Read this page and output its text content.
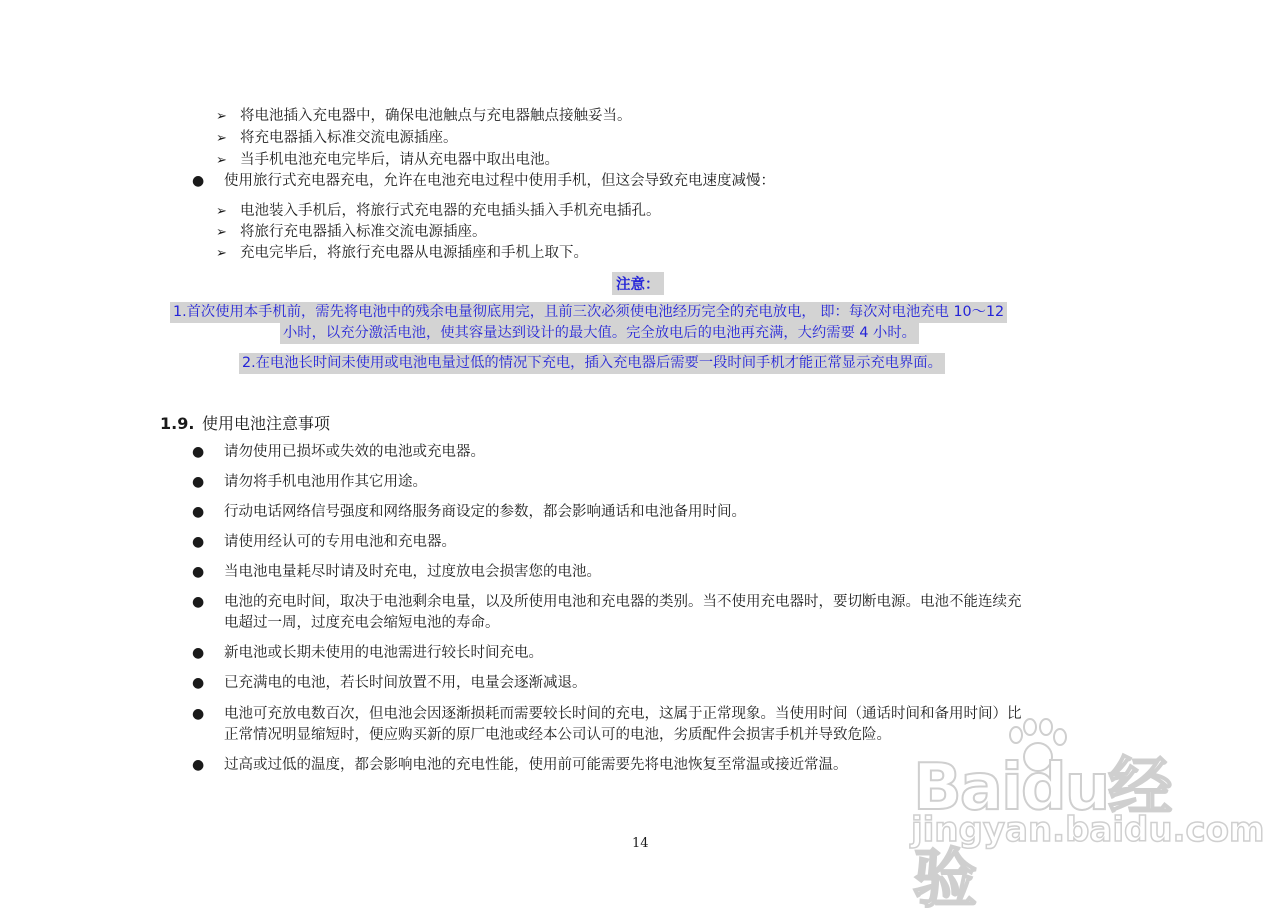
➢ 将电池插入充电器中，确保电池触点与充电器触点接触妥当。
➢ 将充电器插入标准交流电源插座。
➢ 当手机电池充电完毕后，请从充电器中取出电池。
● 使用旅行式充电器充电，允许在电池充电过程中使用手机，但这会导致充电速度减慢：
➢ 电池装入手机后，将旅行式充电器的充电插头插入手机充电插孔。
➢ 将旅行充电器插入标准交流电源插座。
➢ 充电完毕后，将旅行充电器从电源插座和手机上取下。
注意：
1.首次使用本手机前，需先将电池中的残余电量彻底用完，且前三次必须使电池经历完全的充电放电， 即：每次对电池充电 10～12
小时，以充分激活电池，使其容量达到设计的最大值。完全放电后的电池再充满，大约需要 4 小时。
2.在电池长时间未使用或电池电量过低的情况下充电，插入充电器后需要一段时间手机才能正常显示充电界面。
1.9. 使用电池注意事项
● 请勿使用已损坏或失效的电池或充电器。
● 请勿将手机电池用作其它用途。
● 行动电话网络信号强度和网络服务商设定的参数，都会影响通话和电池备用时间。
● 请使用经认可的专用电池和充电器。
● 当电池电量耗尽时请及时充电，过度放电会损害您的电池。
● 电池的充电时间，取决于电池剩余电量，以及所使用电池和充电器的类别。当不使用充电器时，要切断电源。电池不能连续充
电超过一周，过度充电会缩短电池的寿命。
● 新电池或长期未使用的电池需进行较长时间充电。
● 已充满电的电池，若长时间放置不用，电量会逐渐减退。
● 电池可充放电数百次，但电池会因逐渐损耗而需要较长时间的充电，这属于正常现象。当使用时间（通话时间和备用时间）比
正常情况明显缩短时，便应购买新的原厂电池或经本公司认可的电池，劣质配件会损害手机并导致危险。
● 过高或过低的温度，都会影响电池的充电性能，使用前可能需要先将电池恢复至常温或接近常温。 Baidu经验
jingyan.baidu.com
14
